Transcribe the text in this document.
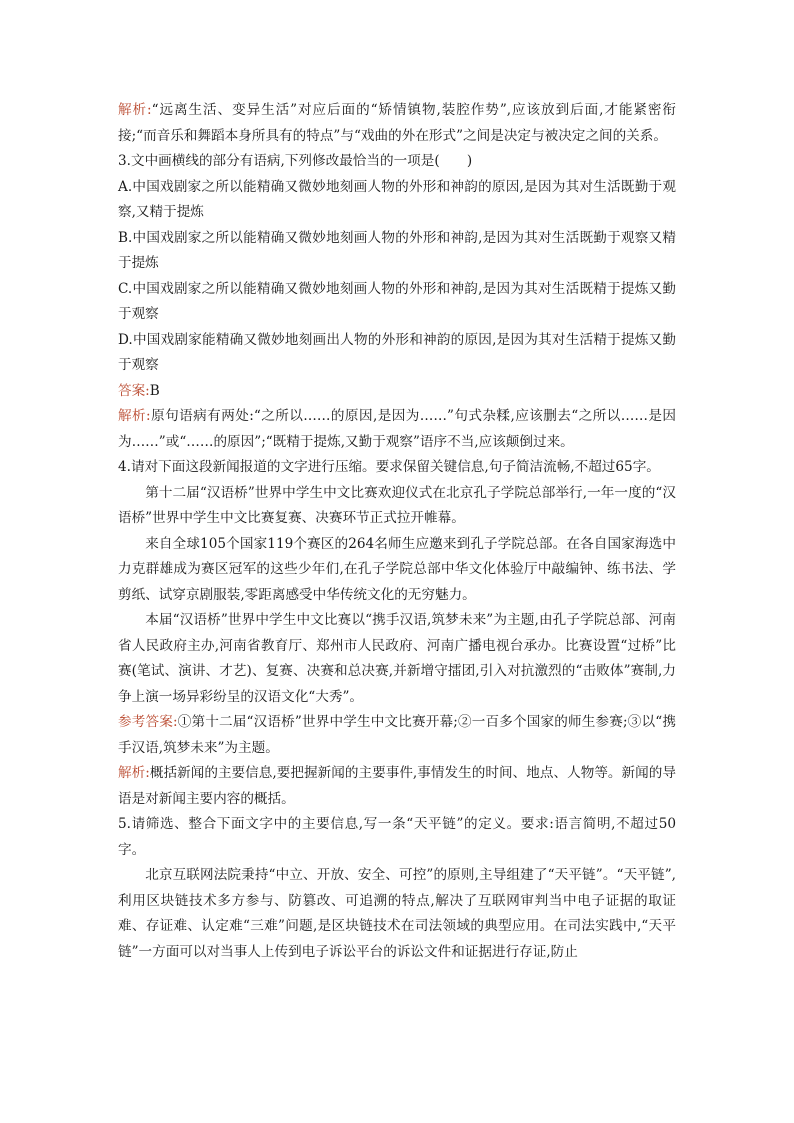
解析:“远离生活、变异生活”对应后面的“矫情镇物,装腔作势”,应该放到后面,才能紧密衔接;“而音乐和舞蹈本身所具有的特点”与“戏曲的外在形式”之间是决定与被决定之间的关系。

3.文中画横线的部分有语病,下列修改最恰当的一项是(　　)

A.中国戏剧家之所以能精确又微妙地刻画人物的外形和神韵的原因,是因为其对生活既勤于观察,又精于提炼

B.中国戏剧家之所以能精确又微妙地刻画人物的外形和神韵,是因为其对生活既勤于观察又精于提炼

C.中国戏剧家之所以能精确又微妙地刻画人物的外形和神韵,是因为其对生活既精于提炼又勤于观察

D.中国戏剧家能精确又微妙地刻画出人物的外形和神韵的原因,是因为其对生活精于提炼又勤于观察

答案:B

解析:原句语病有两处:“之所以……的原因,是因为……”句式杂糅,应该删去“之所以……是因为……”或“……的原因”;“既精于提炼,又勤于观察”语序不当,应该颠倒过来。

4.请对下面这段新闻报道的文字进行压缩。要求保留关键信息,句子简洁流畅,不超过65字。

第十二届“汉语桥”世界中学生中文比赛欢迎仪式在北京孔子学院总部举行,一年一度的“汉语桥”世界中学生中文比赛复赛、决赛环节正式拉开帷幕。

来自全球105个国家119个赛区的264名师生应邀来到孔子学院总部。在各自国家海选中力克群雄成为赛区冠军的这些少年们,在孔子学院总部中华文化体验厅中敲编钟、练书法、学剪纸、试穿京剧服装,零距离感受中华传统文化的无穷魅力。

本届“汉语桥”世界中学生中文比赛以“携手汉语,筑梦未来”为主题,由孔子学院总部、河南省人民政府主办,河南省教育厅、郑州市人民政府、河南广播电视台承办。比赛设置“过桥”比赛(笔试、演讲、才艺)、复赛、决赛和总决赛,并新增守擂团,引入对抗激烈的“击败体”赛制,力争上演一场异彩纷呈的汉语文化“大秀”。

参考答案:①第十二届“汉语桥”世界中学生中文比赛开幕;②一百多个国家的师生参赛;③以“携手汉语,筑梦未来”为主题。

解析:概括新闻的主要信息,要把握新闻的主要事件,事情发生的时间、地点、人物等。新闻的导语是对新闻主要内容的概括。

5.请筛选、整合下面文字中的主要信息,写一条“天平链”的定义。要求:语言简明,不超过50字。

北京互联网法院秉持“中立、开放、安全、可控”的原则,主导组建了“天平链”。“天平链”,利用区块链技术多方参与、防篡改、可追溯的特点,解决了互联网审判当中电子证据的取证难、存证难、认定难“三难”问题,是区块链技术在司法领域的典型应用。在司法实践中,“天平链”一方面可以对当事人上传到电子诉讼平台的诉讼文件和证据进行存证,防止
